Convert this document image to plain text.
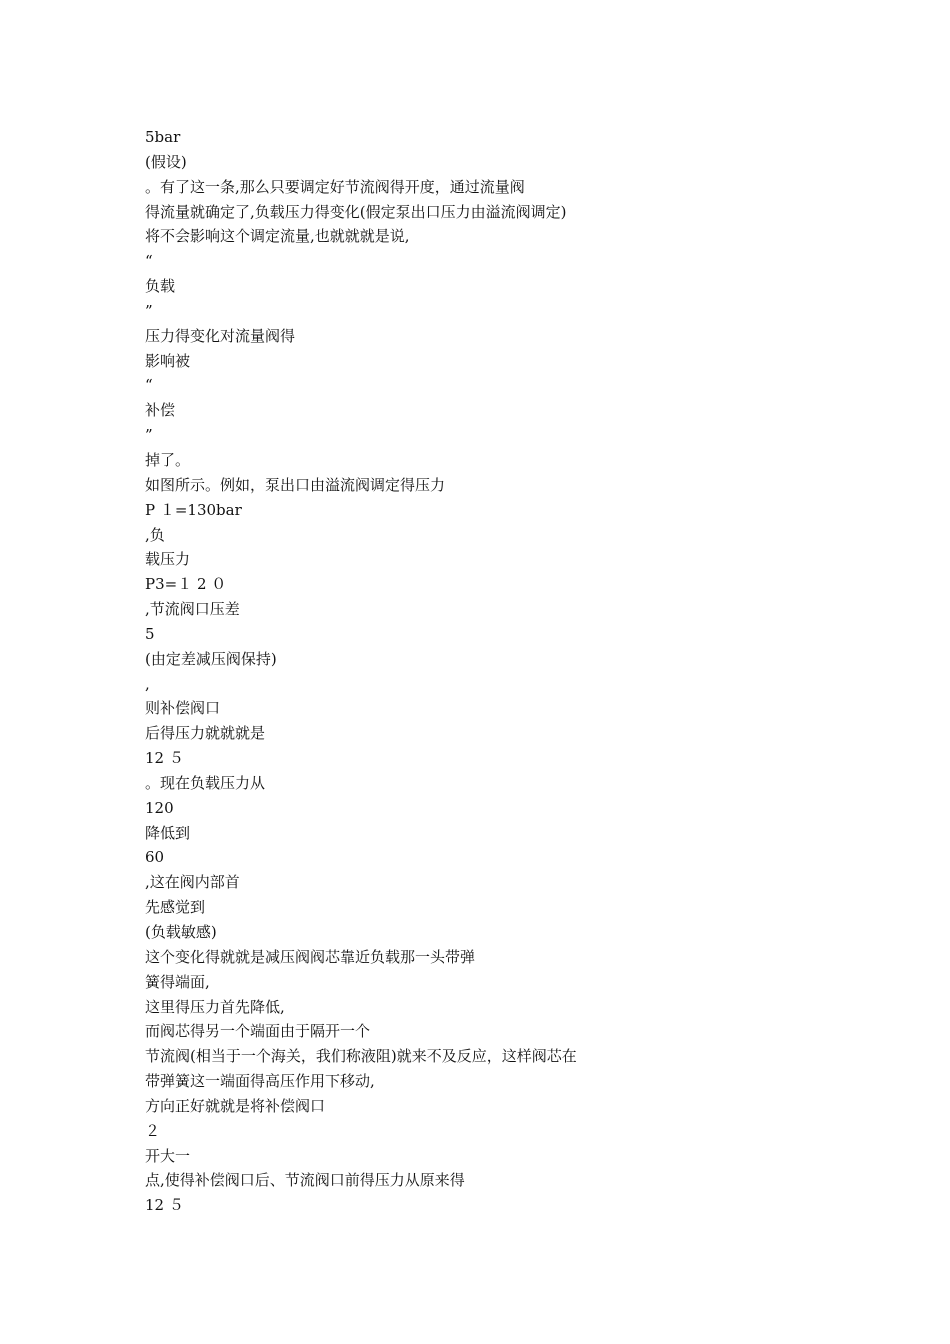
5bar
(假设)
。有了这一条,那么只要调定好节流阀得开度，通过流量阀
得流量就确定了,负载压力得变化(假定泵出口压力由溢流阀调定)
将不会影响这个调定流量,也就就就是说,
“
负载
”
压力得变化对流量阀得
影响被
“
补偿
”
掉了。
如图所示。例如，泵出口由溢流阀调定得压力
P １=130bar
,负
载压力
P3=１ 2 ０
,节流阀口压差
5
(由定差减压阀保持)
,
则补偿阀口
后得压力就就就是
12 ５
。现在负载压力从
120
降低到
60
,这在阀内部首
先感觉到
(负载敏感)
这个变化得就就是减压阀阀芯靠近负载那一头带弹
簧得端面,
这里得压力首先降低,
而阀芯得另一个端面由于隔开一个
节流阀(相当于一个海关，我们称液阻)就来不及反应，这样阀芯在
带弹簧这一端面得高压作用下移动,
方向正好就就是将补偿阀口
２
开大一
点,使得补偿阀口后、节流阀口前得压力从原来得
12 ５
